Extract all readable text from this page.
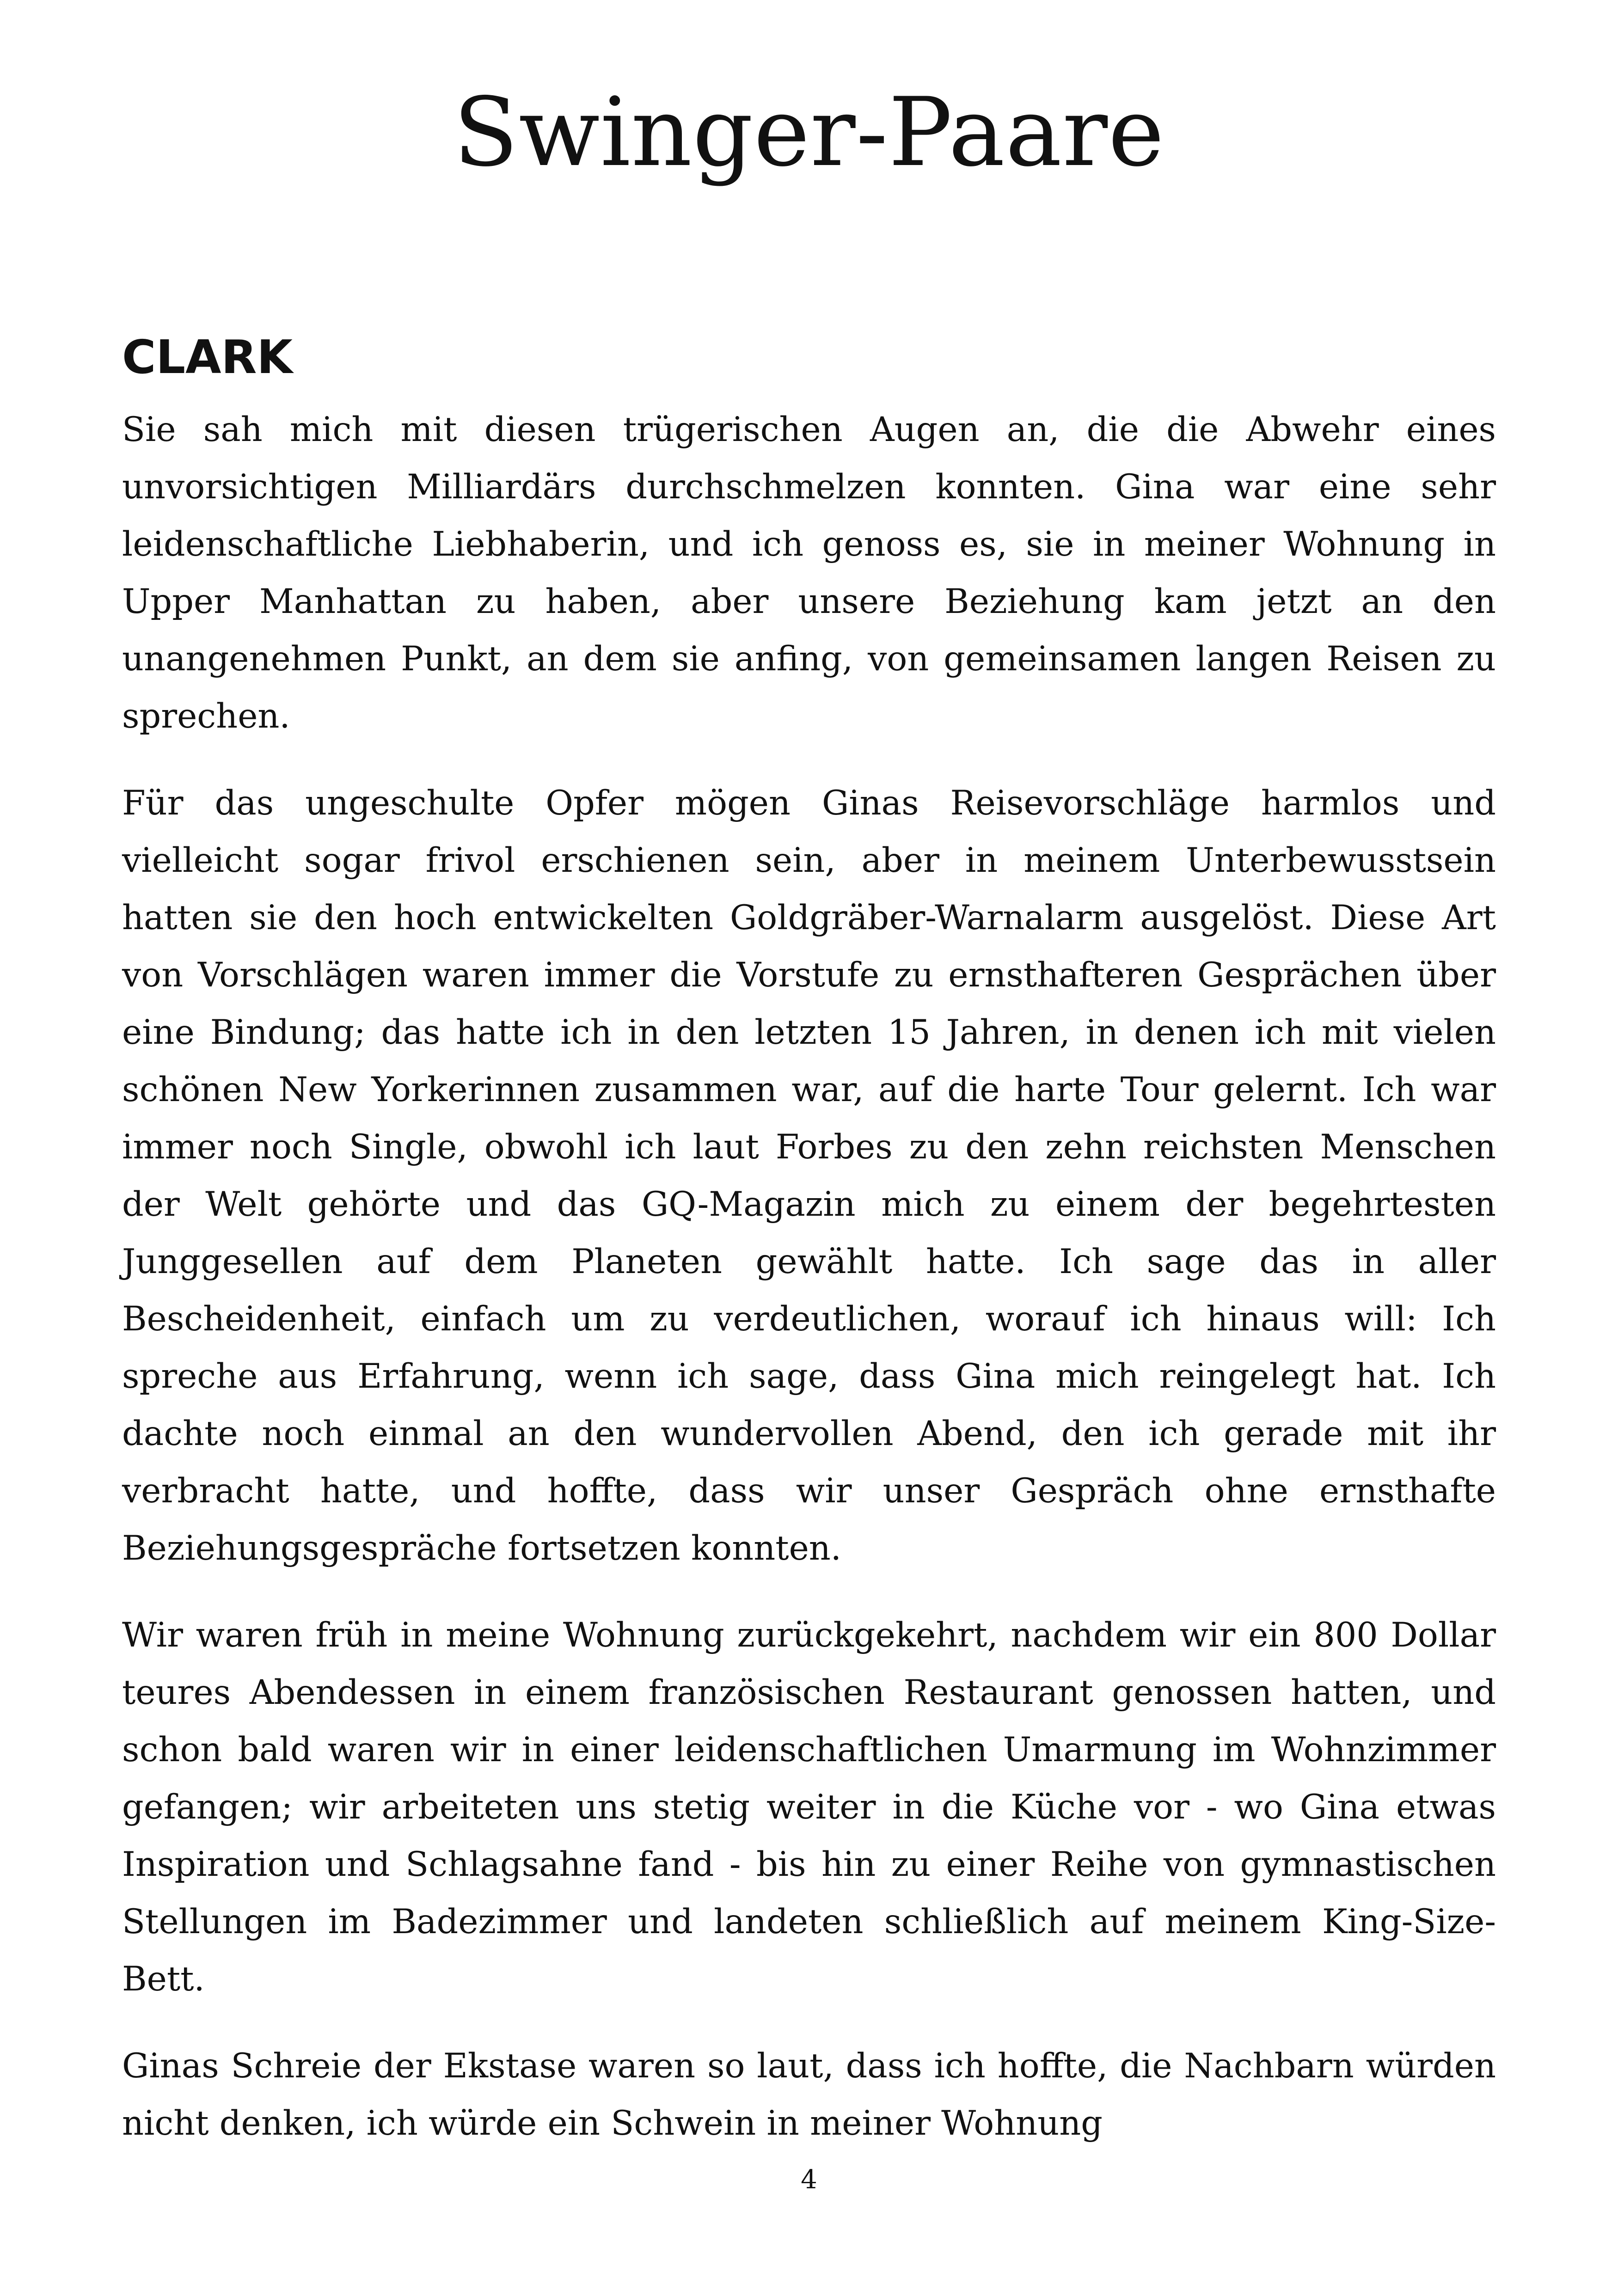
Swinger-Paare
CLARK

Sie sah mich mit diesen trügerischen Augen an, die die Abwehr eines unvorsichtigen Milliardärs durchschmelzen konnten. Gina war eine sehr leidenschaftliche Liebhaberin, und ich genoss es, sie in meiner Wohnung in Upper Manhattan zu haben, aber unsere Beziehung kam jetzt an den unangenehmen Punkt, an dem sie anfing, von gemeinsamen langen Reisen zu sprechen.

Für das ungeschulte Opfer mögen Ginas Reisevorschläge harmlos und vielleicht sogar frivol erschienen sein, aber in meinem Unterbewusstsein hatten sie den hoch entwickelten Goldgräber-Warnalarm ausgelöst. Diese Art von Vorschlägen waren immer die Vorstufe zu ernsthafteren Gesprächen über eine Bindung; das hatte ich in den letzten 15 Jahren, in denen ich mit vielen schönen New Yorkerinnen zusammen war, auf die harte Tour gelernt. Ich war immer noch Single, obwohl ich laut Forbes zu den zehn reichsten Menschen der Welt gehörte und das GQ-Magazin mich zu einem der begehrtesten Junggesellen auf dem Planeten gewählt hatte. Ich sage das in aller Bescheidenheit, einfach um zu verdeutlichen, worauf ich hinaus will: Ich spreche aus Erfahrung, wenn ich sage, dass Gina mich reingelegt hat. Ich dachte noch einmal an den wundervollen Abend, den ich gerade mit ihr verbracht hatte, und hoffte, dass wir unser Gespräch ohne ernsthafte Beziehungsgespräche fortsetzen konnten.

Wir waren früh in meine Wohnung zurückgekehrt, nachdem wir ein 800 Dollar teures Abendessen in einem französischen Restaurant genossen hatten, und schon bald waren wir in einer leidenschaftlichen Umarmung im Wohnzimmer gefangen; wir arbeiteten uns stetig weiter in die Küche vor - wo Gina etwas Inspiration und Schlagsahne fand - bis hin zu einer Reihe von gymnastischen Stellungen im Badezimmer und landeten schließlich auf meinem King-Size-Bett.

Ginas Schreie der Ekstase waren so laut, dass ich hoffte, die Nachbarn würden nicht denken, ich würde ein Schwein in meiner Wohnung

4
